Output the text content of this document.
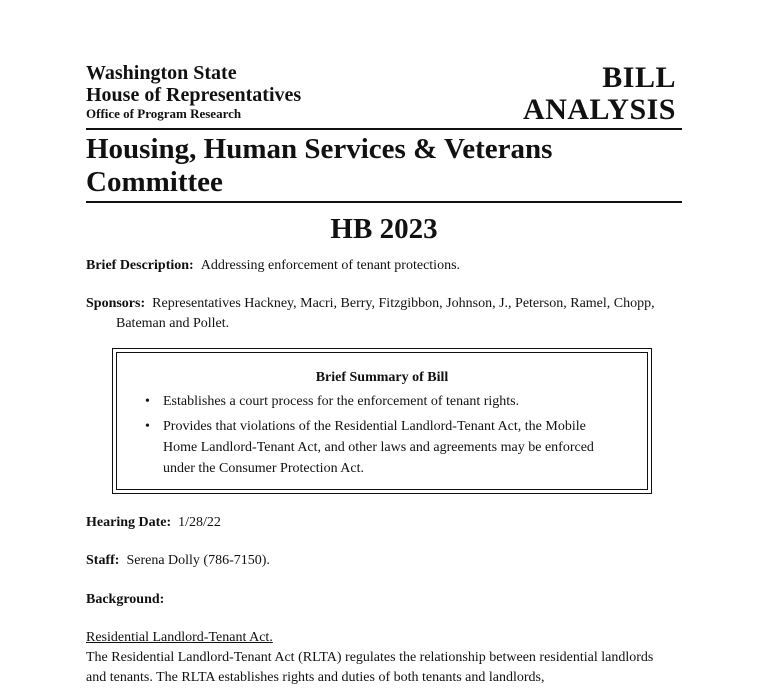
Washington State
House of Representatives
Office of Program Research
BILL
ANALYSIS
Housing, Human Services & Veterans
Committee
HB 2023
Brief Description: Addressing enforcement of tenant protections.
Sponsors: Representatives Hackney, Macri, Berry, Fitzgibbon, Johnson, J., Peterson, Ramel, Chopp, Bateman and Pollet.
Brief Summary of Bill
• Establishes a court process for the enforcement of tenant rights.
• Provides that violations of the Residential Landlord-Tenant Act, the Mobile Home Landlord-Tenant Act, and other laws and agreements may be enforced under the Consumer Protection Act.
Hearing Date: 1/28/22
Staff: Serena Dolly (786-7150).
Background:
Residential Landlord-Tenant Act.
The Residential Landlord-Tenant Act (RLTA) regulates the relationship between residential landlords and tenants. The RLTA establishes rights and duties of both tenants and landlords,
